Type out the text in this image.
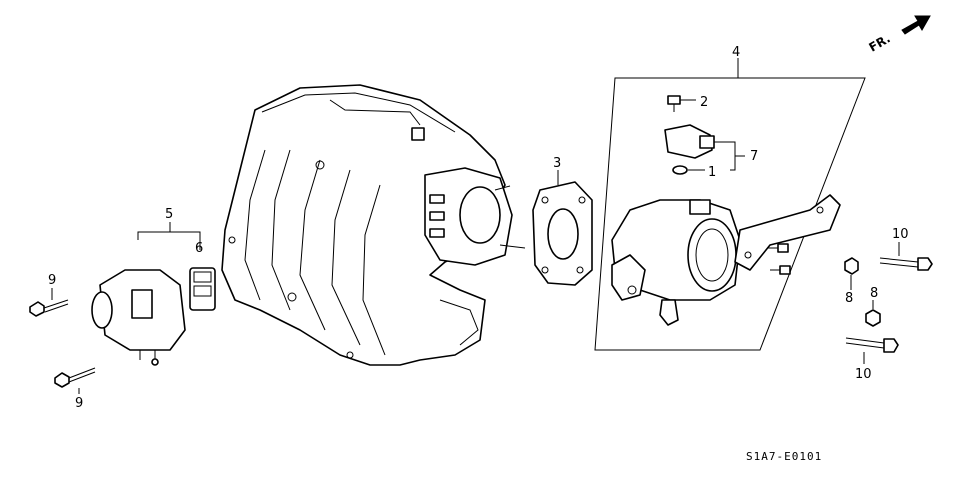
FR.
1
2
3
4
5
6
7
8 8
9
9
10
10
S1A7-E0101
